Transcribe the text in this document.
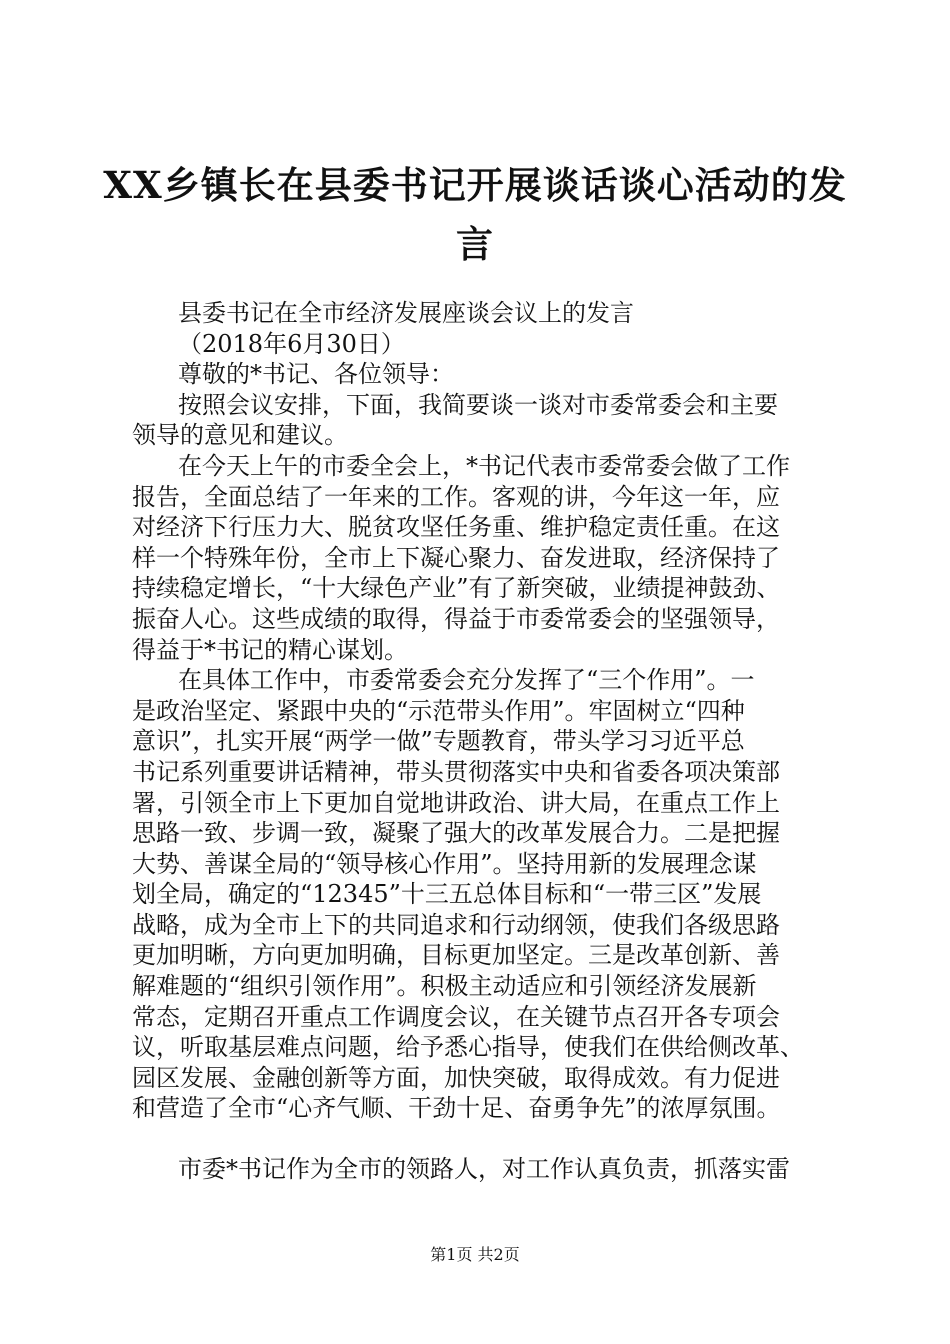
XX乡镇长在县委书记开展谈话谈心活动的发
言
县委书记在全市经济发展座谈会议上的发言
（2018年6月30日）
尊敬的*书记、各位领导：
按照会议安排，下面，我简要谈一谈对市委常委会和主要
领导的意见和建议。
在今天上午的市委全会上，*书记代表市委常委会做了工作
报告，全面总结了一年来的工作。客观的讲，今年这一年，应
对经济下行压力大、脱贫攻坚任务重、维护稳定责任重。在这
样一个特殊年份，全市上下凝心聚力、奋发进取，经济保持了
持续稳定增长，“十大绿色产业”有了新突破，业绩提神鼓劲、
振奋人心。这些成绩的取得，得益于市委常委会的坚强领导，
得益于*书记的精心谋划。
在具体工作中，市委常委会充分发挥了“三个作用”。一
是政治坚定、紧跟中央的“示范带头作用”。牢固树立“四种
意识”，扎实开展“两学一做”专题教育，带头学习习近平总
书记系列重要讲话精神，带头贯彻落实中央和省委各项决策部
署，引领全市上下更加自觉地讲政治、讲大局，在重点工作上
思路一致、步调一致，凝聚了强大的改革发展合力。二是把握
大势、善谋全局的“领导核心作用”。坚持用新的发展理念谋
划全局，确定的“12345”十三五总体目标和“一带三区”发展
战略，成为全市上下的共同追求和行动纲领，使我们各级思路
更加明晰，方向更加明确，目标更加坚定。三是改革创新、善
解难题的“组织引领作用”。积极主动适应和引领经济发展新
常态，定期召开重点工作调度会议，在关键节点召开各专项会
议，听取基层难点问题，给予悉心指导，使我们在供给侧改革、
园区发展、金融创新等方面，加快突破，取得成效。有力促进
和营造了全市“心齐气顺、干劲十足、奋勇争先”的浓厚氛围。
市委*书记作为全市的领路人，对工作认真负责，抓落实雷
第1页 共2页
